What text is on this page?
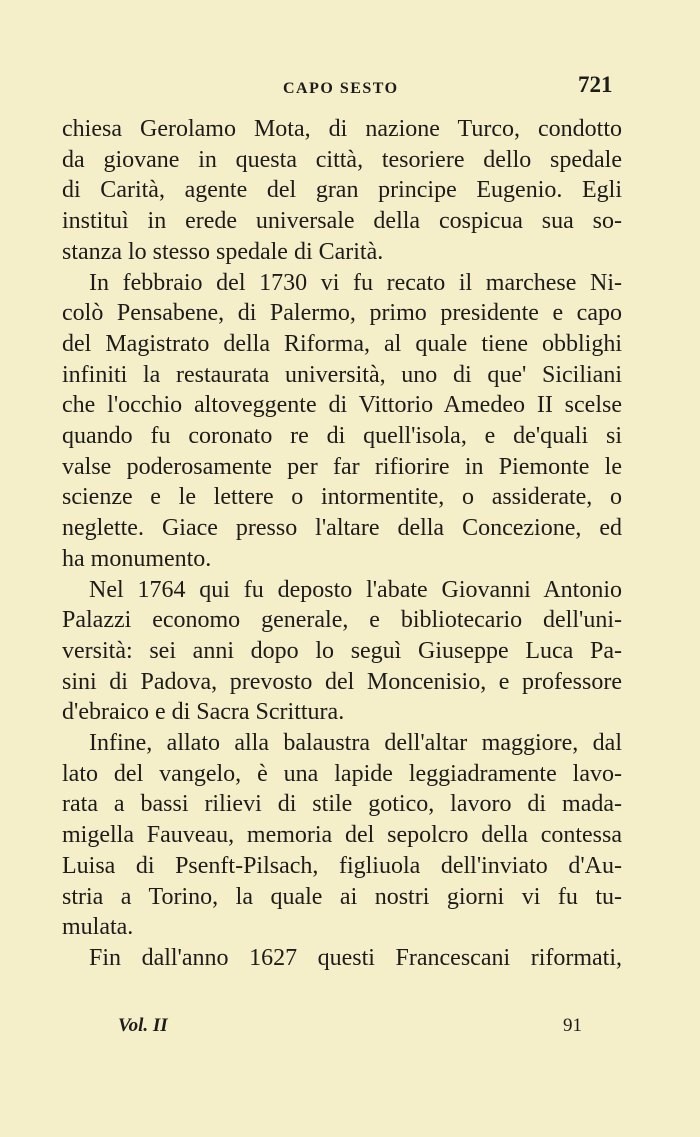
CAPO SESTO	721
chiesa Gerolamo Mota, di nazione Turco, condotto
da giovane in questa città, tesoriere dello spedale
di Carità, agente del gran principe Eugenio. Egli
instituì in erede universale della cospicua sua so-
stanza lo stesso spedale di Carità.
In febbraio del 1730 vi fu recato il marchese Ni-
colò Pensabene, di Palermo, primo presidente e capo
del Magistrato della Riforma, al quale tiene obblighi
infiniti la restaurata università, uno di que' Siciliani
che l'occhio altoveggente di Vittorio Amedeo II scelse
quando fu coronato re di quell'isola, e de'quali si
valse poderosamente per far rifiorire in Piemonte le
scienze e le lettere o intormentite, o assiderate, o
neglette. Giace presso l'altare della Concezione, ed
ha monumento.
Nel 1764 qui fu deposto l'abate Giovanni Antonio
Palazzi economo generale, e bibliotecario dell'uni-
versità: sei anni dopo lo seguì Giuseppe Luca Pa-
sini di Padova, prevosto del Moncenisio, e professore
d'ebraico e di Sacra Scrittura.
Infine, allato alla balaustra dell'altar maggiore, dal
lato del vangelo, è una lapide leggiadramente lavo-
rata a bassi rilievi di stile gotico, lavoro di mada-
migella Fauveau, memoria del sepolcro della contessa
Luisa di Psenft-Pilsach, figliuola dell'inviato d'Au-
stria a Torino, la quale ai nostri giorni vi fu tu-
mulata.
Fin dall'anno 1627 questi Francescani riformati,
Vol. II	91
